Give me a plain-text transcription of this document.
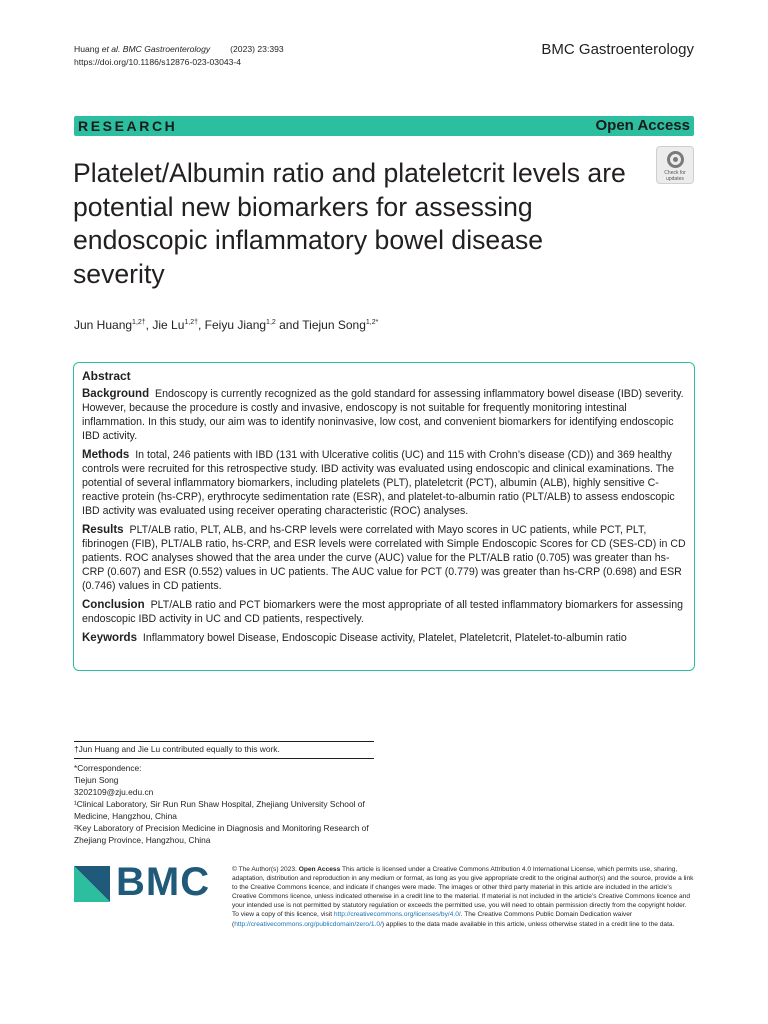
Huang et al. BMC Gastroenterology (2023) 23:393
https://doi.org/10.1186/s12876-023-03043-4
BMC Gastroenterology
RESEARCH	Open Access
Check for updates
Platelet/Albumin ratio and plateletcrit levels are potential new biomarkers for assessing endoscopic inflammatory bowel disease severity
Jun Huang$^{1,2\dagger}$, Jie $Lu^{1,2\dagger}$, Feiyu Jiang$^{1,2}$ and Tiejun Song$^{1,2*}$
Abstract

Background Endoscopy is currently recognized as the gold standard for assessing inflammatory bowel disease (IBD) severity. However, because the procedure is costly and invasive, endoscopy is not suitable for frequently monitoring intestinal inflammation. In this study, our aim was to identify noninvasive, low cost, and convenient biomarkers for identifying endoscopic IBD activity.

Methods In total, 246 patients with IBD (131 with Ulcerative colitis (UC) and 115 with Crohn’s disease (CD)) and 369 healthy controls were recruited for this retrospective study. IBD activity was evaluated using endoscopic and clinical examinations. The potential of several inflammatory biomarkers, including platelets (PLT), plateletcrit (PCT), albumin (ALB), highly sensitive C-reactive protein (hs-CRP), erythrocyte sedimentation rate (ESR), and platelet-to-albumin ratio (PLT/ALB) to assess endoscopic IBD activity was evaluated using receiver operating characteristic (ROC) analyses.

Results PLT/ALB ratio, PLT, ALB, and hs-CRP levels were correlated with Mayo scores in UC patients, while PCT, PLT, fibrinogen (FIB), PLT/ALB ratio, hs-CRP, and ESR levels were correlated with Simple Endoscopic Scores for CD (SES-CD) in CD patients. ROC analyses showed that the area under the curve (AUC) value for the PLT/ALB ratio (0.705) was greater than hs-CRP (0.607) and ESR (0.552) values in UC patients. The AUC value for PCT (0.779) was greater than hs-CRP (0.698) and ESR (0.746) values in CD patients.

Conclusion PLT/ALB ratio and PCT biomarkers were the most appropriate of all tested inflammatory biomarkers for assessing endoscopic IBD activity in UC and CD patients, respectively.

Keywords Inflammatory bowel Disease, Endoscopic Disease activity, Platelet, Plateletcrit, Platelet-to-albumin ratio

†Jun Huang and Jie Lu contributed equally to this work.
*Correspondence:
Tiejun Song
3202109@zju.edu.cn
¹Clinical Laboratory, Sir Run Run Shaw Hospital, Zhejiang University School of Medicine, Hangzhou, China
²Key Laboratory of Precision Medicine in Diagnosis and Monitoring Research of Zhejiang Province, Hangzhou, China
BMC	© The Author(s) 2023. Open Access This article is licensed under a Creative Commons Attribution 4.0 International License, which permits use, sharing, adaptation, distribution and reproduction in any medium or format, as long as you give appropriate credit to the original author(s) and the source, provide a link to the Creative Commons licence, and indicate if changes were made. The images or other third party material in this article are included in the article’s Creative Commons licence, unless indicated otherwise in a credit line to the material. If material is not included in the article’s Creative Commons licence and your intended use is not permitted by statutory regulation or exceeds the permitted use, you will need to obtain permission directly from the copyright holder. To view a copy of this licence, visit http://creativecommons.org/licenses/by/4.0/. The Creative Commons Public Domain Dedication waiver (http://creativecommons.org/publicdomain/zero/1.0/) applies to the data made available in this article, unless otherwise stated in a credit line to the data.
